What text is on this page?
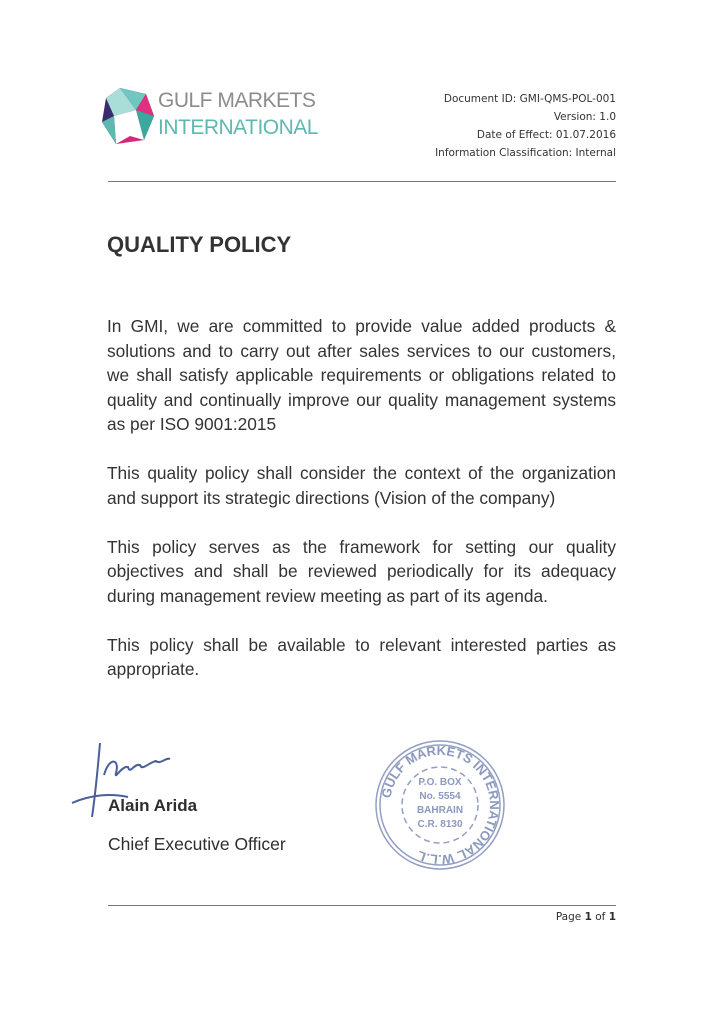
GULF MARKETS
INTERNATIONAL
Document ID: GMI-QMS-POL-001
Version: 1.0
Date of Effect: 01.07.2016
Information Classification: Internal
QUALITY POLICY

In GMI, we are committed to provide value added products & solutions and to carry out after sales services to our customers, we shall satisfy applicable requirements or obligations related to quality and continually improve our quality management systems as per ISO 9001:2015

This quality policy shall consider the context of the organization and support its strategic directions (Vision of the company)

This policy serves as the framework for setting our quality objectives and shall be reviewed periodically for its adequacy during management review meeting as part of its agenda.

This policy shall be available to relevant interested parties as appropriate.

Alain Arida
Chief Executive Officer
GULF MARKETS INTERNATIONAL W.L.L
P.O. BOX
No. 5554
BAHRAIN
C.R. 8130
Page 1 of 1
